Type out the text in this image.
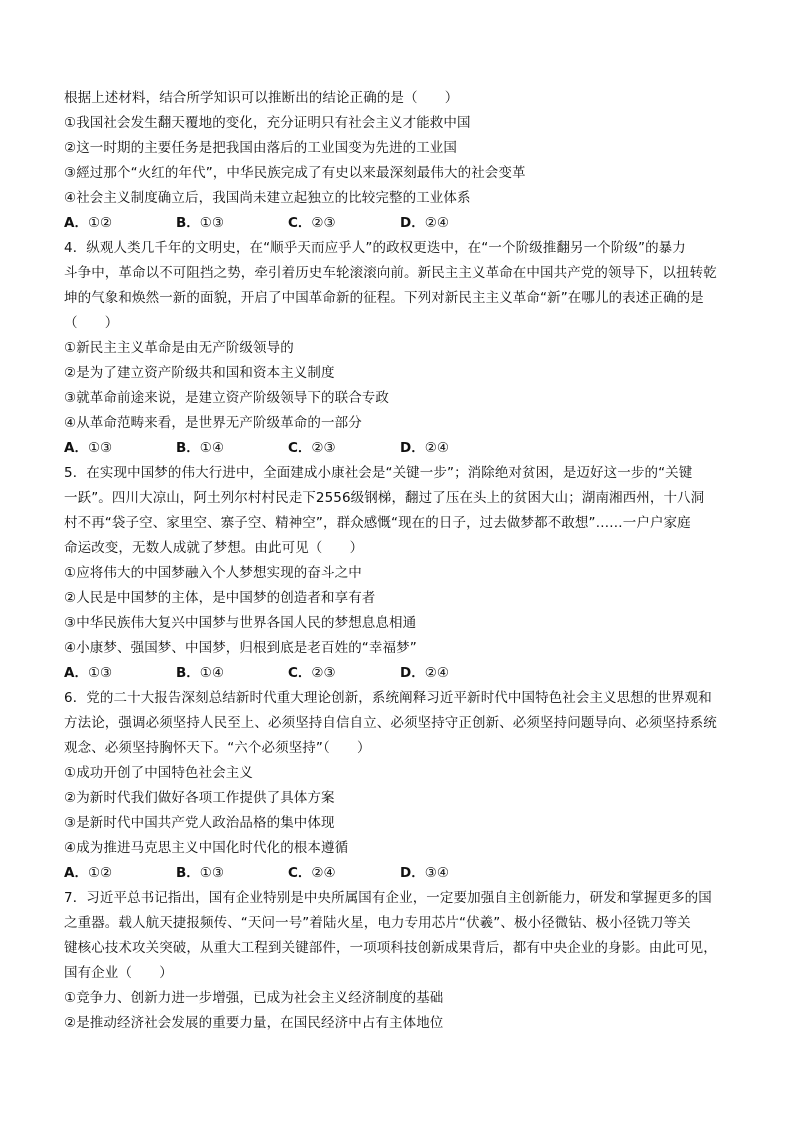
根据上述材料，结合所学知识可以推断出的结论正确的是（　　）
①我国社会发生翻天覆地的变化，充分证明只有社会主义才能救中国
②这一时期的主要任务是把我国由落后的工业国变为先进的工业国
③經过那个“火红的年代”，中华民族完成了有史以来最深刻最伟大的社会变革
④社会主义制度确立后，我国尚未建立起独立的比较完整的工业体系
A．①②	B．①③	C．②③	D．②④
4．纵观人类几千年的文明史，在“顺乎天而应乎人”的政权更迭中，在“一个阶级推翻另一个阶级”的暴力
斗争中，革命以不可阻挡之势，牵引着历史车轮滚滚向前。新民主主义革命在中国共产党的领导下，以扭转乾
坤的气象和焕然一新的面貌，开启了中国革命新的征程。下列对新民主主义革命“新”在哪儿的表述正确的是
（　　）
①新民主主义革命是由无产阶级领导的
②是为了建立资产阶级共和国和资本主义制度
③就革命前途来说，是建立资产阶级领导下的联合专政
④从革命范畴来看，是世界无产阶级革命的一部分
A．①③	B．①④	C．②③	D．②④
5．在实现中国梦的伟大行进中，全面建成小康社会是“关键一步”；消除绝对贫困，是迈好这一步的“关键
一跃”。四川大凉山，阿土列尔村村民走下2556级钢梯，翻过了压在头上的贫困大山；湖南湘西州，十八洞
村不再“袋子空、家里空、寨子空、精神空”，群众感慨“现在的日子，过去做梦都不敢想”……一户户家庭
命运改变，无数人成就了梦想。由此可见（　　）
①应将伟大的中国梦融入个人梦想实现的奋斗之中
②人民是中国梦的主体，是中国梦的创造者和享有者
③中华民族伟大复兴中国梦与世界各国人民的梦想息息相通
④小康梦、强国梦、中国梦，归根到底是老百姓的“幸福梦”
A．①③	B．①④	C．②③	D．②④
6．党的二十大报告深刻总结新时代重大理论创新，系统阐释习近平新时代中国特色社会主义思想的世界观和
方法论，强调必须坚持人民至上、必须坚持自信自立、必须坚持守正创新、必须坚持问题导向、必须坚持系统
观念、必须坚持胸怀天下。“六个必须坚持”（　　）
①成功开创了中国特色社会主义
②为新时代我们做好各项工作提供了具体方案
③是新时代中国共产党人政治品格的集中体现
④成为推进马克思主义中国化时代化的根本遵循
A．①②	B．①③	C．②④	D．③④
7．习近平总书记指出，国有企业特别是中央所属国有企业，一定要加强自主创新能力，研发和掌握更多的国
之重器。载人航天捷报频传、“天问一号”着陆火星，电力专用芯片“伏羲”、极小径微钻、极小径铣刀等关
键核心技术攻关突破，从重大工程到关键部件，一项项科技创新成果背后，都有中央企业的身影。由此可见，
国有企业（　　）
①竞争力、创新力进一步增强，已成为社会主义经济制度的基础
②是推动经济社会发展的重要力量，在国民经济中占有主体地位
